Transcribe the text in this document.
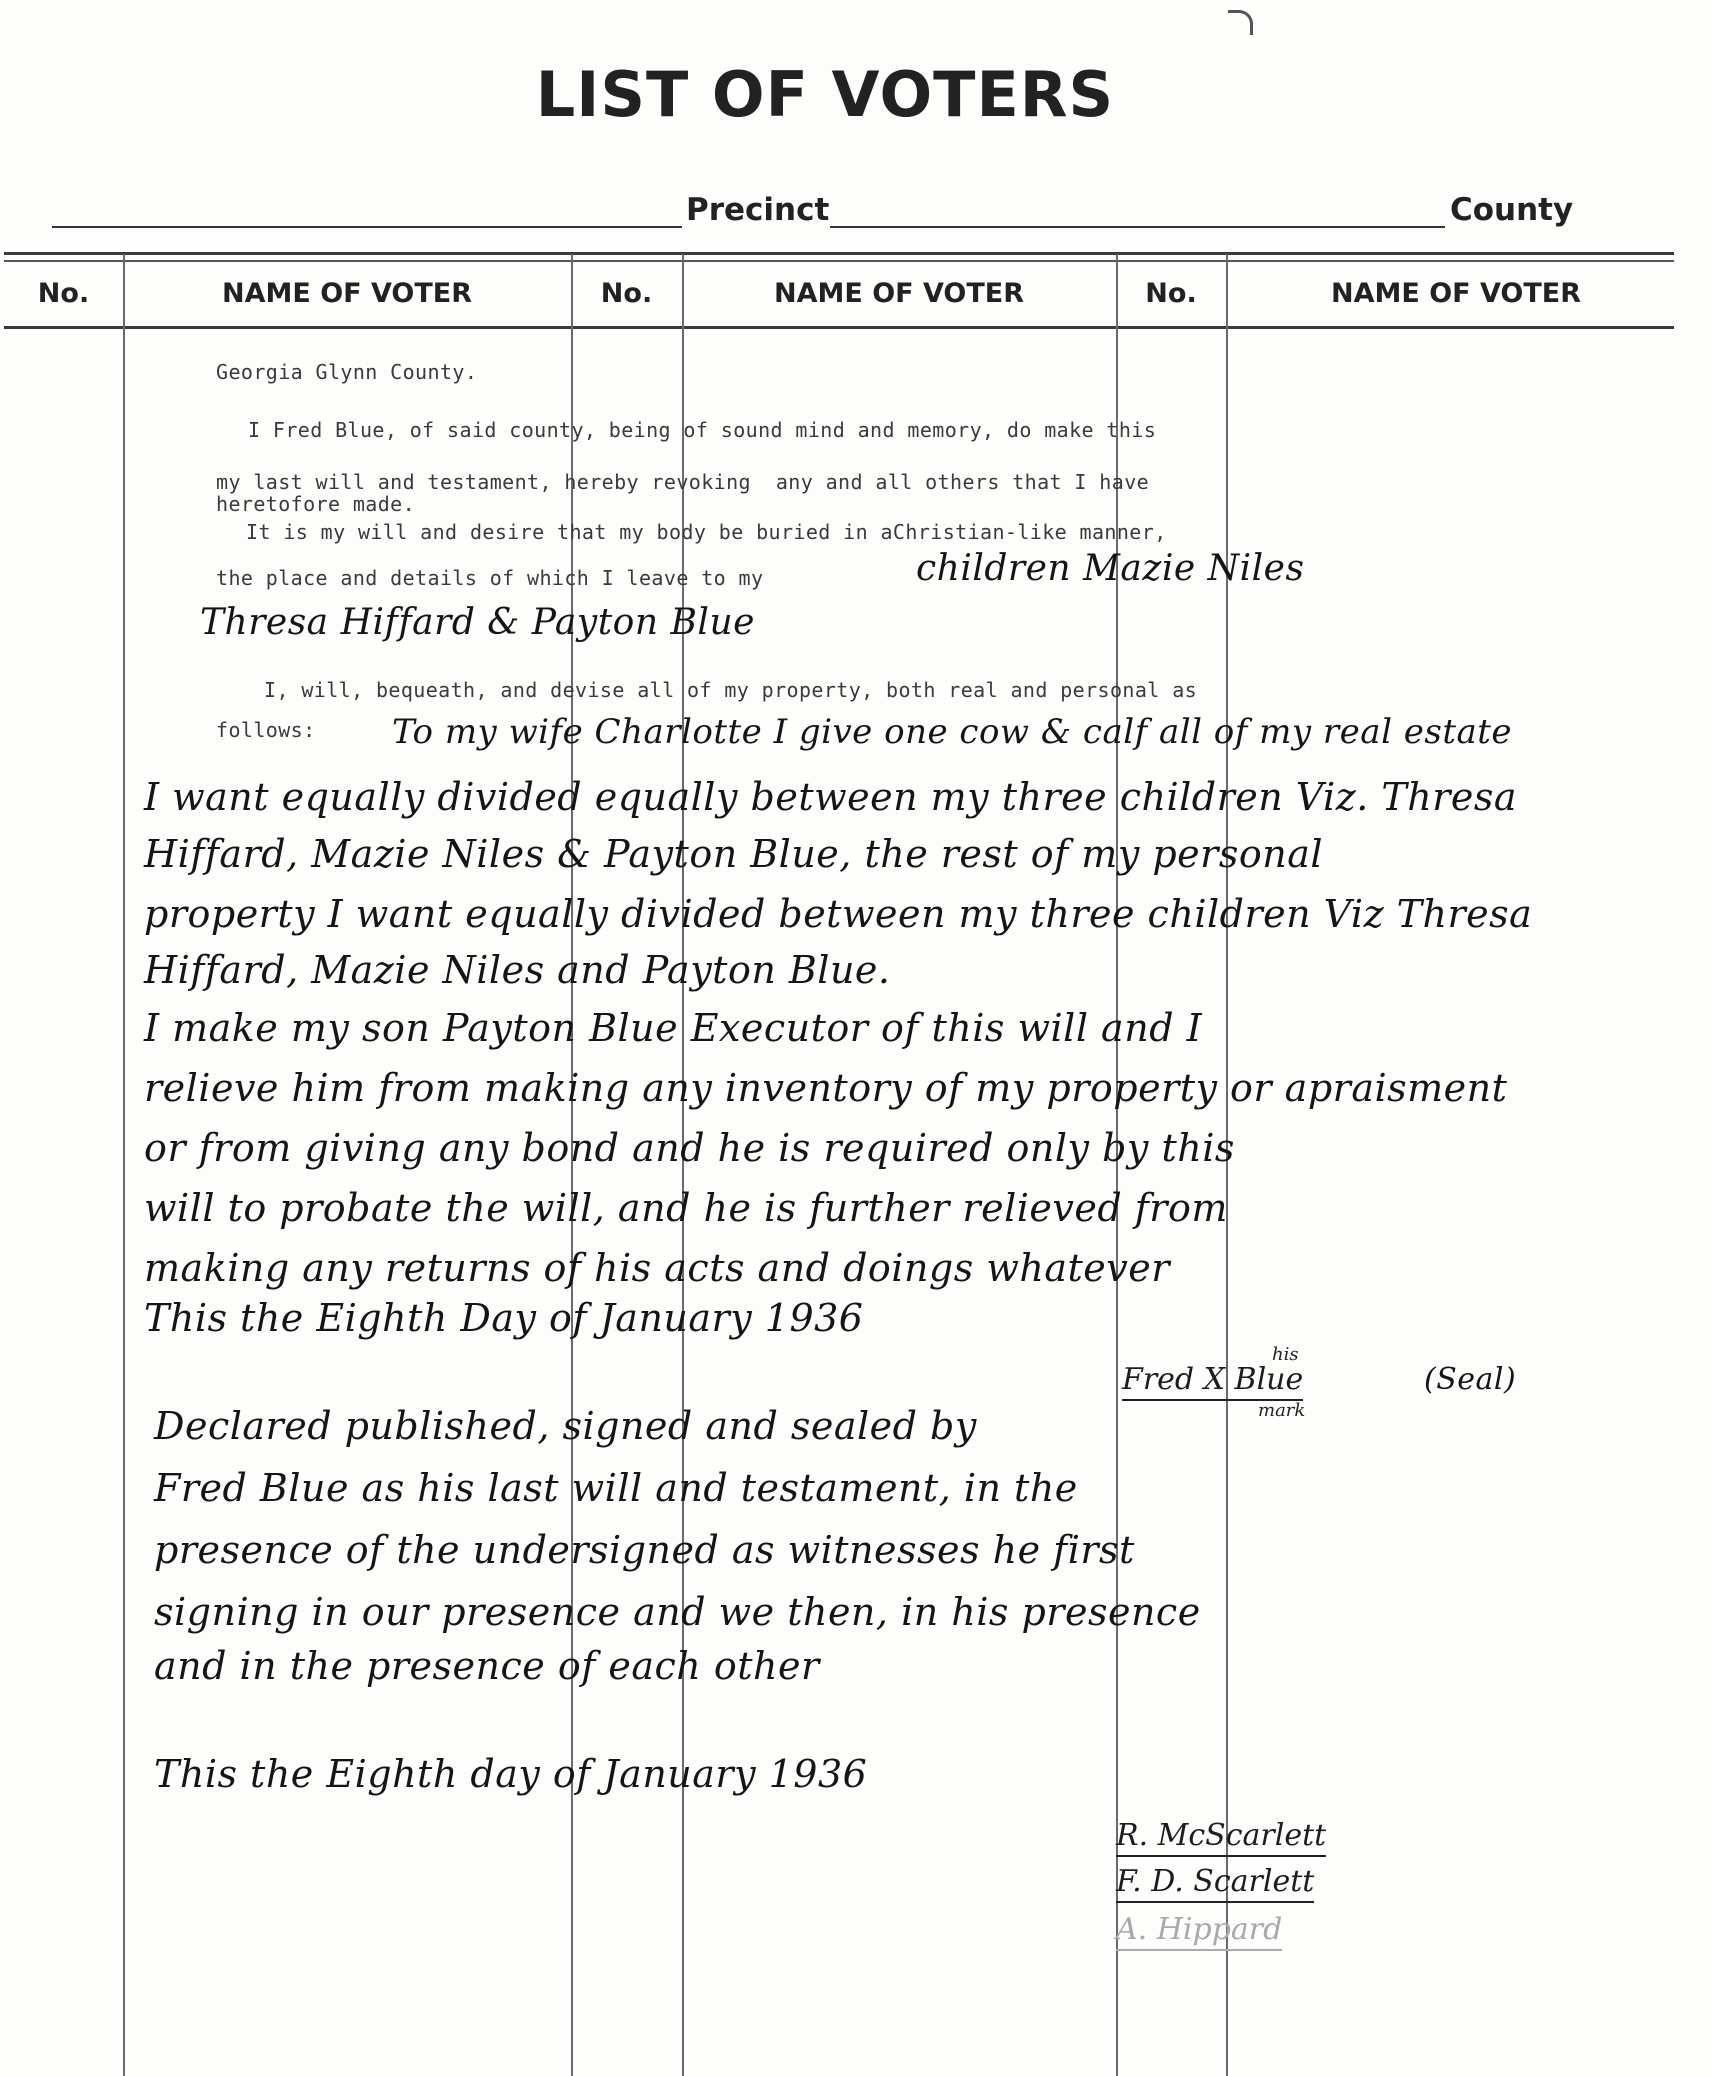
LIST OF VOTERS
Precinct	County
No.	NAME OF VOTER	No.	NAME OF VOTER	No.	NAME OF VOTER
Georgia Glynn County.
I Fred Blue, of said county, being of sound mind and memory, do make this
my last will and testament, hereby revoking  any and all others that I have
heretofore made.
It is my will and desire that my body be buried in aChristian-like manner,
the place and details of which I leave to my
I, will, bequeath, and devise all of my property, both real and personal as
follows:
children Mazie Niles
Thresa Hiffard & Payton Blue
To my wife Charlotte I give one cow & calf all of my real estate
I want equally divided equally between my three children Viz. Thresa
Hiffard, Mazie Niles & Payton Blue, the rest of my personal
property I want equally divided between my three children Viz Thresa
Hiffard, Mazie Niles and Payton Blue.
I make my son Payton Blue Executor of this will and I
relieve him from making any inventory of my property or apraisment
or from giving any bond and he is required only by this
will to probate the will, and he is further relieved from
making any returns of his acts and doings whatever
This the Eighth Day of January 1936
his
Fred X Blue	(Seal)
mark
Declared published, signed and sealed by
Fred Blue as his last will and testament, in the
presence of the undersigned as witnesses he first
signing in our presence and we then, in his presence
and in the presence of each other
This the Eighth day of January 1936
R. McScarlett
F. D. Scarlett
A. Hippard
